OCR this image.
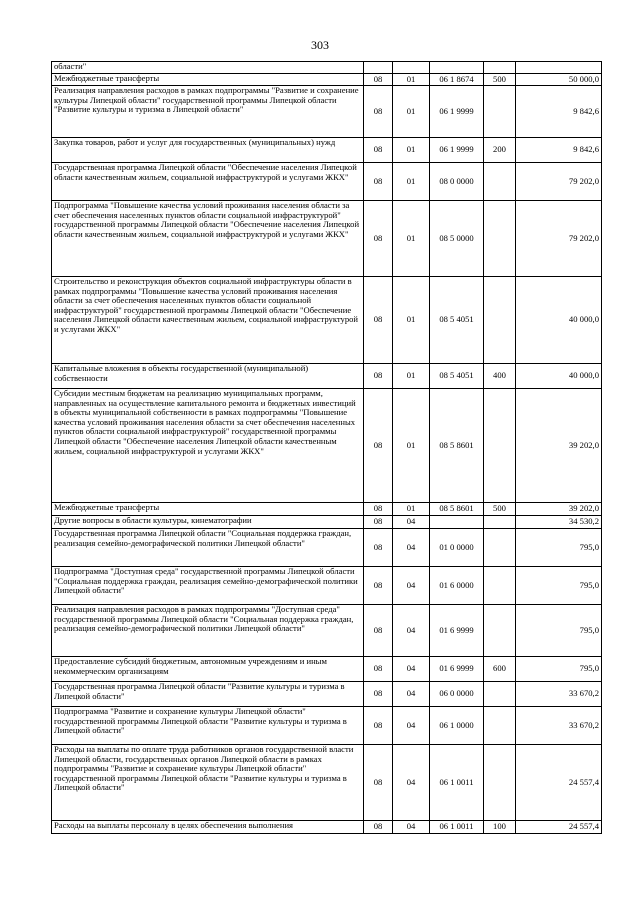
303
области"					
Межбюджетные трансферты	08	01	06 1 8674	500	50 000,0
Реализация направления расходов в рамках подпрограммы "Развитие и сохранение культуры Липецкой области" государственной программы Липецкой области "Развитие культуры и туризма в Липецкой области"	08	01	06 1 9999		9 842,6
Закупка товаров, работ и услуг для государственных (муниципальных) нужд	08	01	06 1 9999	200	9 842,6
Государственная программа Липецкой области "Обеспечение населения Липецкой области качественным жильем, социальной инфраструктурой и услугами ЖКХ"	08	01	08 0 0000		79 202,0
Подпрограмма "Повышение качества условий проживания населения области за счет обеспечения населенных пунктов области социальной инфраструктурой" государственной программы Липецкой области "Обеспечение населения Липецкой области качественным жильем, социальной инфраструктурой и услугами ЖКХ"	08	01	08 5 0000		79 202,0
Строительство и реконструкция объектов социальной инфраструктуры области в рамках подпрограммы "Повышение качества условий проживания населения области за счет обеспечения населенных пунктов области социальной инфраструктурой" государственной программы Липецкой области "Обеспечение населения Липецкой области качественным жильем, социальной инфраструктурой и услугами ЖКХ"	08	01	08 5 4051		40 000,0
Капитальные вложения в объекты государственной (муниципальной) собственности	08	01	08 5 4051	400	40 000,0
Субсидии местным бюджетам на реализацию муниципальных программ, направленных на осуществление капитального ремонта и бюджетных инвестиций в объекты муниципальной собственности в рамках подпрограммы "Повышение качества условий проживания населения области за счет обеспечения населенных пунктов области социальной инфраструктурой" государственной программы Липецкой области "Обеспечение населения Липецкой области качественным жильем, социальной инфраструктурой и услугами ЖКХ"	08	01	08 5 8601		39 202,0
Межбюджетные трансферты	08	01	08 5 8601	500	39 202,0
Другие вопросы в области культуры, кинематографии	08	04			34 530,2
Государственная программа Липецкой области "Социальная поддержка граждан, реализация семейно-демографической политики Липецкой области"	08	04	01 0 0000		795,0
Подпрограмма "Доступная среда" государственной программы Липецкой области "Социальная поддержка граждан, реализация семейно-демографической политики Липецкой области"	08	04	01 6 0000		795,0
Реализация направления расходов в рамках подпрограммы "Доступная среда" государственной программы Липецкой области "Социальная поддержка граждан, реализация семейно-демографической политики Липецкой области"	08	04	01 6 9999		795,0
Предоставление субсидий бюджетным, автономным учреждениям и иным некоммерческим организациям	08	04	01 6 9999	600	795,0
Государственная программа Липецкой области "Развитие культуры и туризма в Липецкой области"	08	04	06 0 0000		33 670,2
Подпрограмма "Развитие и сохранение культуры Липецкой области" государственной программы Липецкой области "Развитие культуры и туризма в Липецкой области"	08	04	06 1 0000		33 670,2
Расходы на выплаты по оплате труда работников органов государственной власти Липецкой области, государственных органов Липецкой области в рамках подпрограммы "Развитие и сохранение культуры Липецкой области" государственной программы Липецкой области "Развитие культуры и туризма в Липецкой области"	08	04	06 1 0011		24 557,4
Расходы на выплаты персоналу в целях обеспечения выполнения	08	04	06 1 0011	100	24 557,4
